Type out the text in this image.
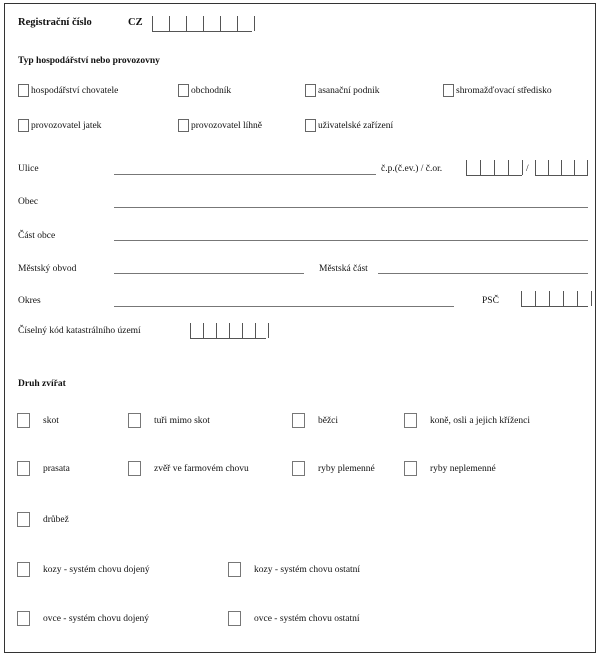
Registrační číslo	CZ
Typ hospodářství nebo provozovny
hospodářství chovatele	obchodník	asanační podnik	shromažďovací středisko
provozovatel jatek	provozovatel líhně	uživatelské zařízení
Ulice	č.p.(č.ev.) / č.or.	/
Obec
Část obce
Městský obvod	Městská část
Okres	PSČ
Číselný kód katastrálního území
Druh zvířat
skot	tuři mimo skot	běžci	koně, osli a jejich kříženci
prasata	zvěř ve farmovém chovu	ryby plemenné	ryby neplemenné
drůbež
kozy - systém chovu dojený	kozy - systém chovu ostatní
ovce - systém chovu dojený	ovce - systém chovu ostatní
